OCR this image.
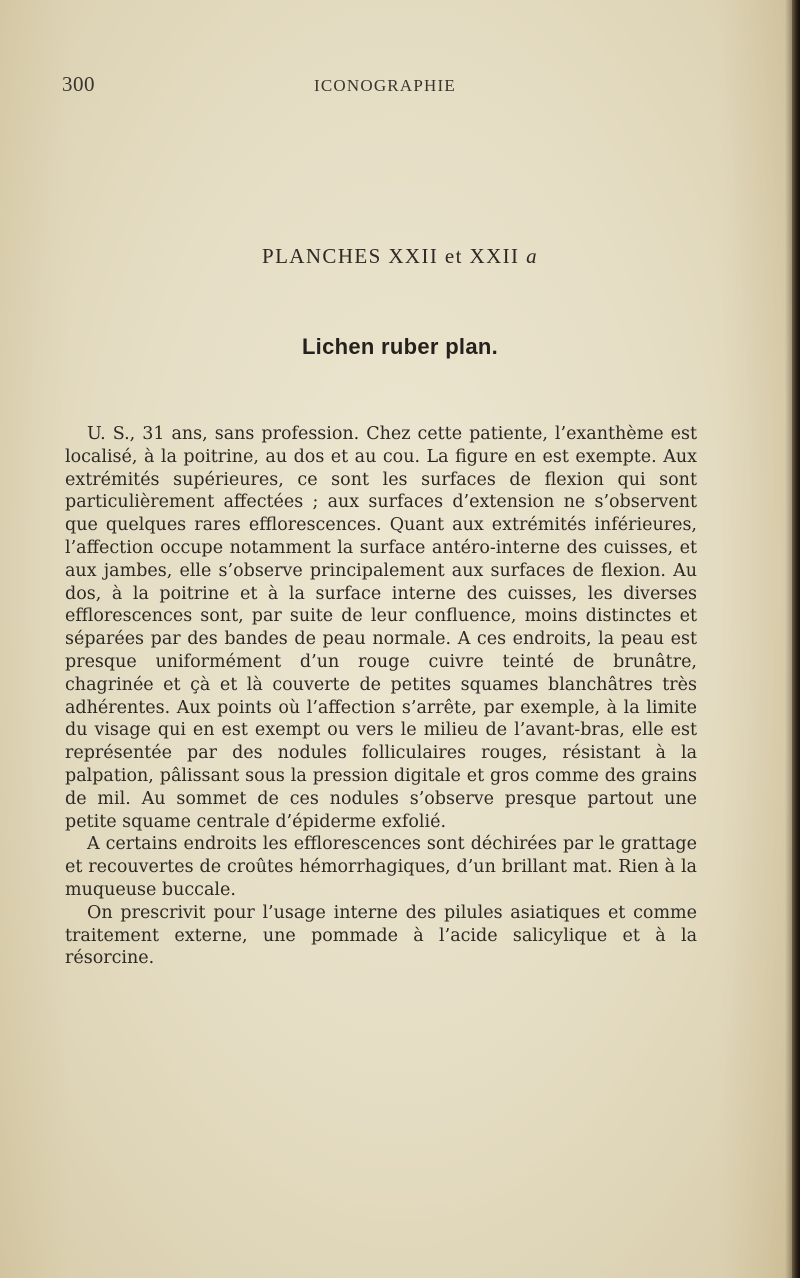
300	ICONOGRAPHIE
PLANCHES XXII et XXII a
Lichen ruber plan.

U. S., 31 ans, sans profession. Chez cette patiente, l’exanthème est localisé, à la poitrine, au dos et au cou. La figure en est exempte. Aux extrémités supérieures, ce sont les surfaces de flexion qui sont particulièrement affectées ; aux surfaces d’extension ne s’observent que quelques rares efflorescences. Quant aux extrémités inférieures, l’affection occupe notamment la surface antéro-interne des cuisses, et aux jambes, elle s’observe principalement aux surfaces de flexion. Au dos, à la poitrine et à la surface interne des cuisses, les diverses efflorescences sont, par suite de leur confluence, moins distinctes et séparées par des bandes de peau normale. A ces endroits, la peau est presque uniformément d’un rouge cuivre teinté de brunâtre, chagrinée et çà et là couverte de petites squames blanchâtres très adhérentes. Aux points où l’affection s’arrête, par exemple, à la limite du visage qui en est exempt ou vers le milieu de l’avant-bras, elle est représentée par des nodules folliculaires rouges, résistant à la palpation, pâlissant sous la pression digitale et gros comme des grains de mil. Au sommet de ces nodules s’observe presque partout une petite squame centrale d’épiderme exfolié.

A certains endroits les efflorescences sont déchirées par le grattage et recouvertes de croûtes hémorrhagiques, d’un brillant mat. Rien à la muqueuse buccale.

On prescrivit pour l’usage interne des pilules asiatiques et comme traitement externe, une pommade à l’acide salicylique et à la résorcine.
